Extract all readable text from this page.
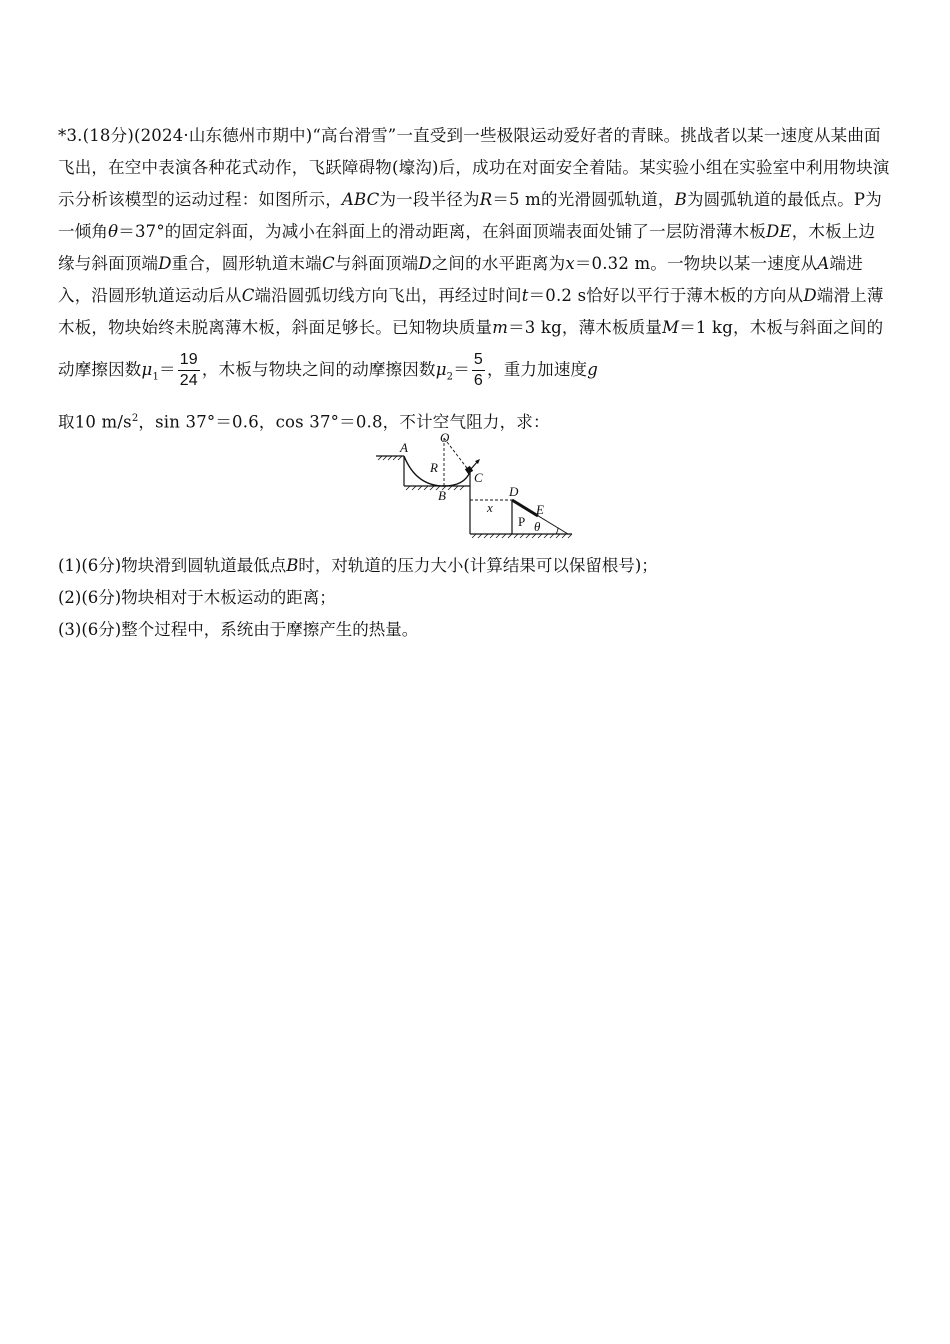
*3.(18分)(2024·山东德州市期中)“高台滑雪”一直受到一些极限运动爱好者的青睐。挑战者以某一速度从某曲面飞出，在空中表演各种花式动作，飞跃障碍物(壕沟)后，成功在对面安全着陆。某实验小组在实验室中利用物块演示分析该模型的运动过程：如图所示，ABC为一段半径为R＝5 m的光滑圆弧轨道，B为圆弧轨道的最低点。P为一倾角θ＝37°的固定斜面，为减小在斜面上的滑动距离，在斜面顶端表面处铺了一层防滑薄木板DE，木板上边缘与斜面顶端D重合，圆形轨道末端C与斜面顶端D之间的水平距离为x＝0.32 m。一物块以某一速度从A端进入，沿圆形轨道运动后从C端沿圆弧切线方向飞出，再经过时间t＝0.2 s恰好以平行于薄木板的方向从D端滑上薄木板，物块始终未脱离薄木板，斜面足够长。已知物块质量m＝3 kg，薄木板质量M＝1 kg，木板与斜面之间的动摩擦因数$\mu_1= \frac{19}{24}$ ，木板与物块之间的动摩擦因数$\mu_2= \frac{5}{6}$ ，重力加速度g
取10 $m/s^2$，sin 37°＝0.6，cos 37°＝0.8，不计空气阻力，求：

O
A
R
C
B	D
x	E
P θ

(1)(6分)物块滑到圆轨道最低点B时，对轨道的压力大小(计算结果可以保留根号)；

(2)(6分)物块相对于木板运动的距离；

(3)(6分)整个过程中，系统由于摩擦产生的热量。
